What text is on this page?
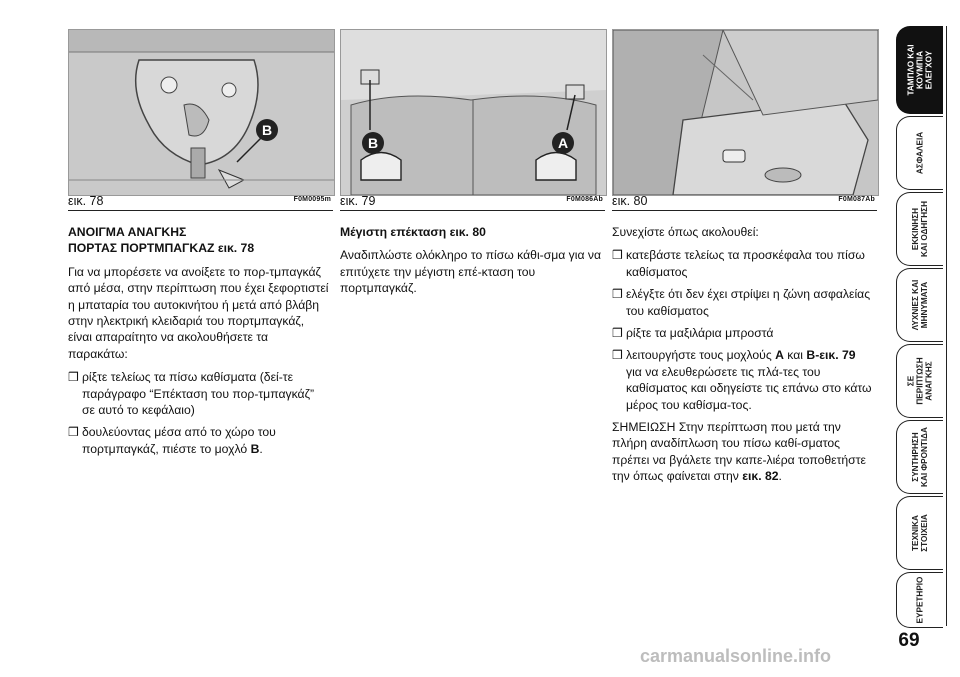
B
εικ. 78	F0M0095m

ΑΝΟΙΓΜΑ ΑΝΑΓΚΗΣ

ΠΟΡΤΑΣ ΠΟΡΤΜΠΑΓΚΑΖ εικ. 78

Για να μπορέσετε να ανοίξετε το πορ-τμπαγκάζ από μέσα, στην περίπτωση που έχει ξεφορτιστεί η μπαταρία του αυτοκινήτου ή μετά από βλάβη στην ηλεκτρική κλειδαριά του πορτμπαγκάζ, είναι απαραίτητο να ακολουθήσετε τα παρακάτω:

❒ ρίξτε τελείως τα πίσω καθίσματα (δεί-τε παράγραφο “Επέκταση του πορ-τμπαγκάζ” σε αυτό το κεφάλαιο)
❒ δουλεύοντας μέσα από το χώρο του πορτμπαγκάζ, πιέστε το μοχλό B.
B	A
εικ. 79	F0M086Ab

Μέγιστη επέκταση εικ. 80

Αναδιπλώστε ολόκληρο το πίσω κάθι-σμα για να επιτύχετε την μέγιστη επέ-κταση του πορτμπαγκάζ.

εικ. 80	F0M087Ab

Συνεχίστε όπως ακολουθεί:

❒ κατεβάστε τελείως τα προσκέφαλα του πίσω καθίσματος
❒ ελέγξτε ότι δεν έχει στρίψει η ζώνη ασφαλείας του καθίσματος
❒ ρίξτε τα μαξιλάρια μπροστά
❒ λειτουργήστε τους μοχλούς A και B-εικ. 79 για να ελευθερώσετε τις πλά-τες του καθίσματος και οδηγείστε τις επάνω στο κάτω μέρος του καθίσμα-τος.

ΣΗΜΕΙΩΣΗ Στην περίπτωση που μετά την πλήρη αναδίπλωση του πίσω καθί-σματος πρέπει να βγάλετε την καπε-λιέρα τοποθετήστε την όπως φαίνεται στην εικ. 82.

ΤΑΜΠΛΟ ΚΑΙ ΚΟΥΜΠΙΑ ΕΛΕΓΧΟΥ
ΑΣΦΑΛΕΙΑ
ΕΚΚΙΝΗΣΗ ΚΑΙ ΟΔΗΓΗΣΗ
ΛΥΧΝΙΕΣ ΚΑΙ ΜΗΝΥΜΑΤΑ
ΣΕ ΠΕΡΙΠΤΩΣΗ ΑΝΑΓΚΗΣ
ΣΥΝΤΗΡΗΣΗ ΚΑΙ ΦΡΟΝΤΙΔΑ
ΤΕΧΝΙΚΑ ΣΤΟΙΧΕΙΑ
ΕΥΡΕΤΗΡΙΟ
69
carmanualsonline.info
